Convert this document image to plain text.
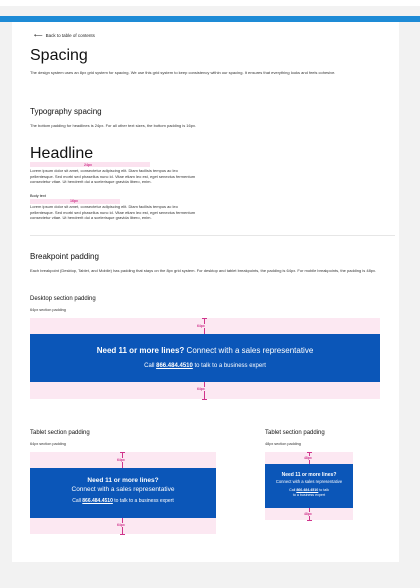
⟵ Back to table of contents
Spacing
The design system uses an 8px grid system for spacing. We use this grid system to keep consistency within our spacing. It ensures that everything looks and feels cohesive.
Typography spacing
The bottom padding for headlines is 24px. For all other text sizes, the bottom padding is 16px.
Headline
24px
Lorem ipsum dolor sit amet, consectetur adipiscing elit. Diam facilisis tempus ac leo pellentesque. Sed morbi sed phasellus nunc id. Vitae etiam leo est, eget senectus fermentum consectetur vitae. Ut hendrerit dui a scelerisque gravida libero, enim.
Body text
16px
Lorem ipsum dolor sit amet, consectetur adipiscing elit. Diam facilisis tempus ac leo pellentesque. Sed morbi sed phasellus nunc id. Vitae etiam leo est, eget senectus fermentum consectetur vitae. Ut hendrerit dui a scelerisque gravida libero, enim.
Breakpoint padding
Each breakpoint (Desktop, Tablet, and Mobile) has padding that stays on the 8px grid system. For desktop and tablet breakpoints, the padding is 64px. For mobile breakpoints, the padding is 48px.
Desktop section padding
64px section padding
64px
Need 11 or more lines? Connect with a sales representative
Call 866.484.4510 to talk to a business expert
64px
Tablet section padding
64px section padding
64px
Need 11 or more lines?
Connect with a sales representative
Call 866.484.4510 to talk to a business expert
64px
Tablet section padding
48px section padding
48px
Need 11 or more lines?
Connect with a sales representative
Call 866.484.4510 to talk
to a business expert
48px
